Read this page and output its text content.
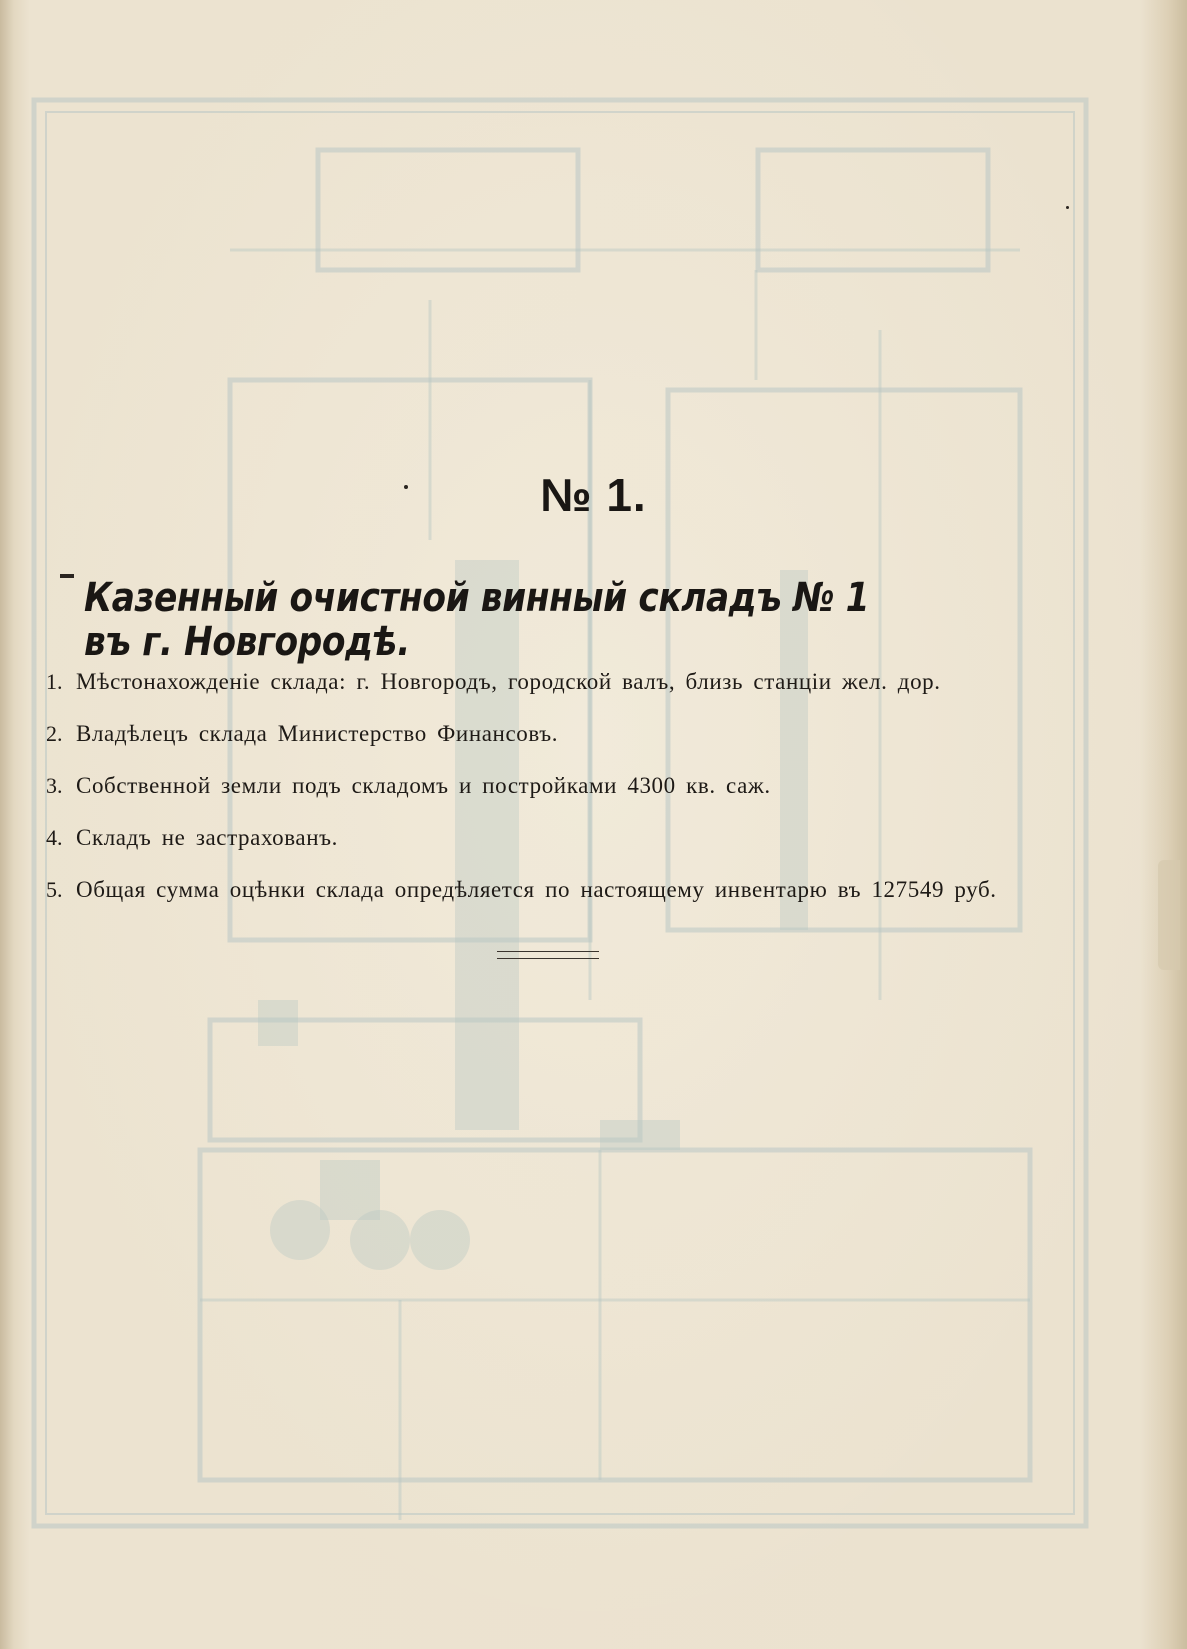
№ 1.
Казенный очистной винный складъ № 1 въ г. Новгородѣ.
1. Мѣстонахожденіе склада: г. Новгородъ, городской валъ, близь станціи жел. дор.
2. Владѣлецъ склада Министерство Финансовъ.
3. Собственной земли подъ складомъ и постройками 4300 кв. саж.
4. Складъ не застрахованъ.
5. Общая сумма оцѣнки склада опредѣляется по настоящему инвентарю въ 127549 руб.
